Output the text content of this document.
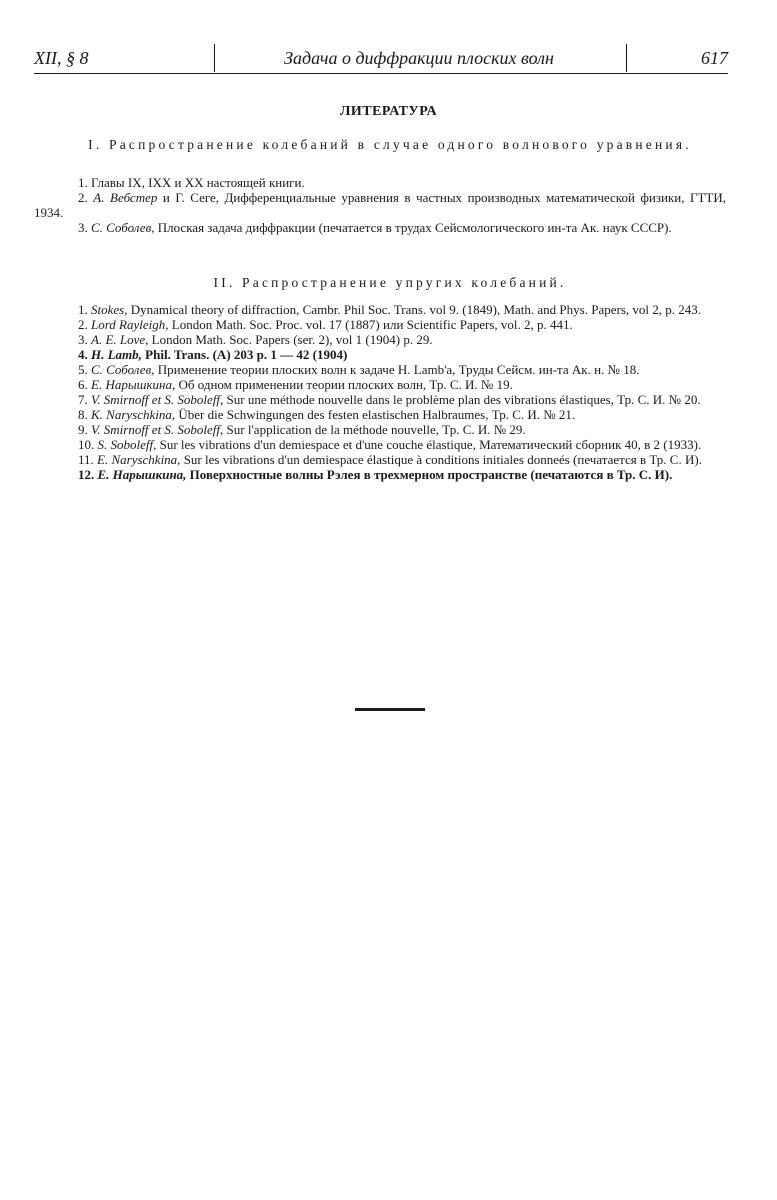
XII, § 8	Задача о диффракции плоских волн	617
ЛИТЕРАТУРА
I. Распространение колебаний в случае одного волнового уравнения.

1. Главы IX, IXX и XX настоящей книги.

2. А. Вебстер и Г. Сеге, Дифференциальные уравнения в частных производных математической физики, ГТТИ, 1934.

3. С. Соболев, Плоская задача диффракции (печатается в трудах Сейсмологического ин-та Ак. наук СССР).

II. Распространение упругих колебаний.

1. Stokes, Dynamical theory of diffraction, Cambr. Phil Soc. Trans. vol 9. (1849), Math. and Phys. Papers, vol 2, p. 243.

2. Lord Rayleigh, London Math. Soc. Proc. vol. 17 (1887) или Scientific Papers, vol. 2, p. 441.

3. A. E. Love, London Math. Soc. Papers (ser. 2), vol 1 (1904) p. 29.

4. H. Lamb, Phil. Trans. (A) 203 p. 1 — 42 (1904)

5. С. Соболев, Применение теории плоских волн к задаче H. Lamb'a, Труды Сейсм. ин-та Ак. н. № 18.

6. Е. Нарышкина, Об одном применении теории плоских волн, Тр. С. И. № 19.

7. V. Smirnoff et S. Soboleff, Sur une méthode nouvelle dans le problème plan des vibrations élastiques, Тр. С. И. № 20.

8. K. Naryschkina, Über die Schwingungen des festen elastischen Halbraumes, Тр. С. И. № 21.

9. V. Smirnoff et S. Soboleff, Sur l'application de la méthode nouvelle, Тр. С. И. № 29.

10. S. Soboleff, Sur les vibrations d'un demiespace et d'une couche élastique, Математический сборник 40, в 2 (1933).

11. E. Naryschkina, Sur les vibrations d'un demiespace élastique à conditions initiales donneés (печатается в Тр. С. И).

12. Е. Нарышкина, Поверхностные волны Рэлея в трехмерном пространстве (печатаются в Тр. С. И).
